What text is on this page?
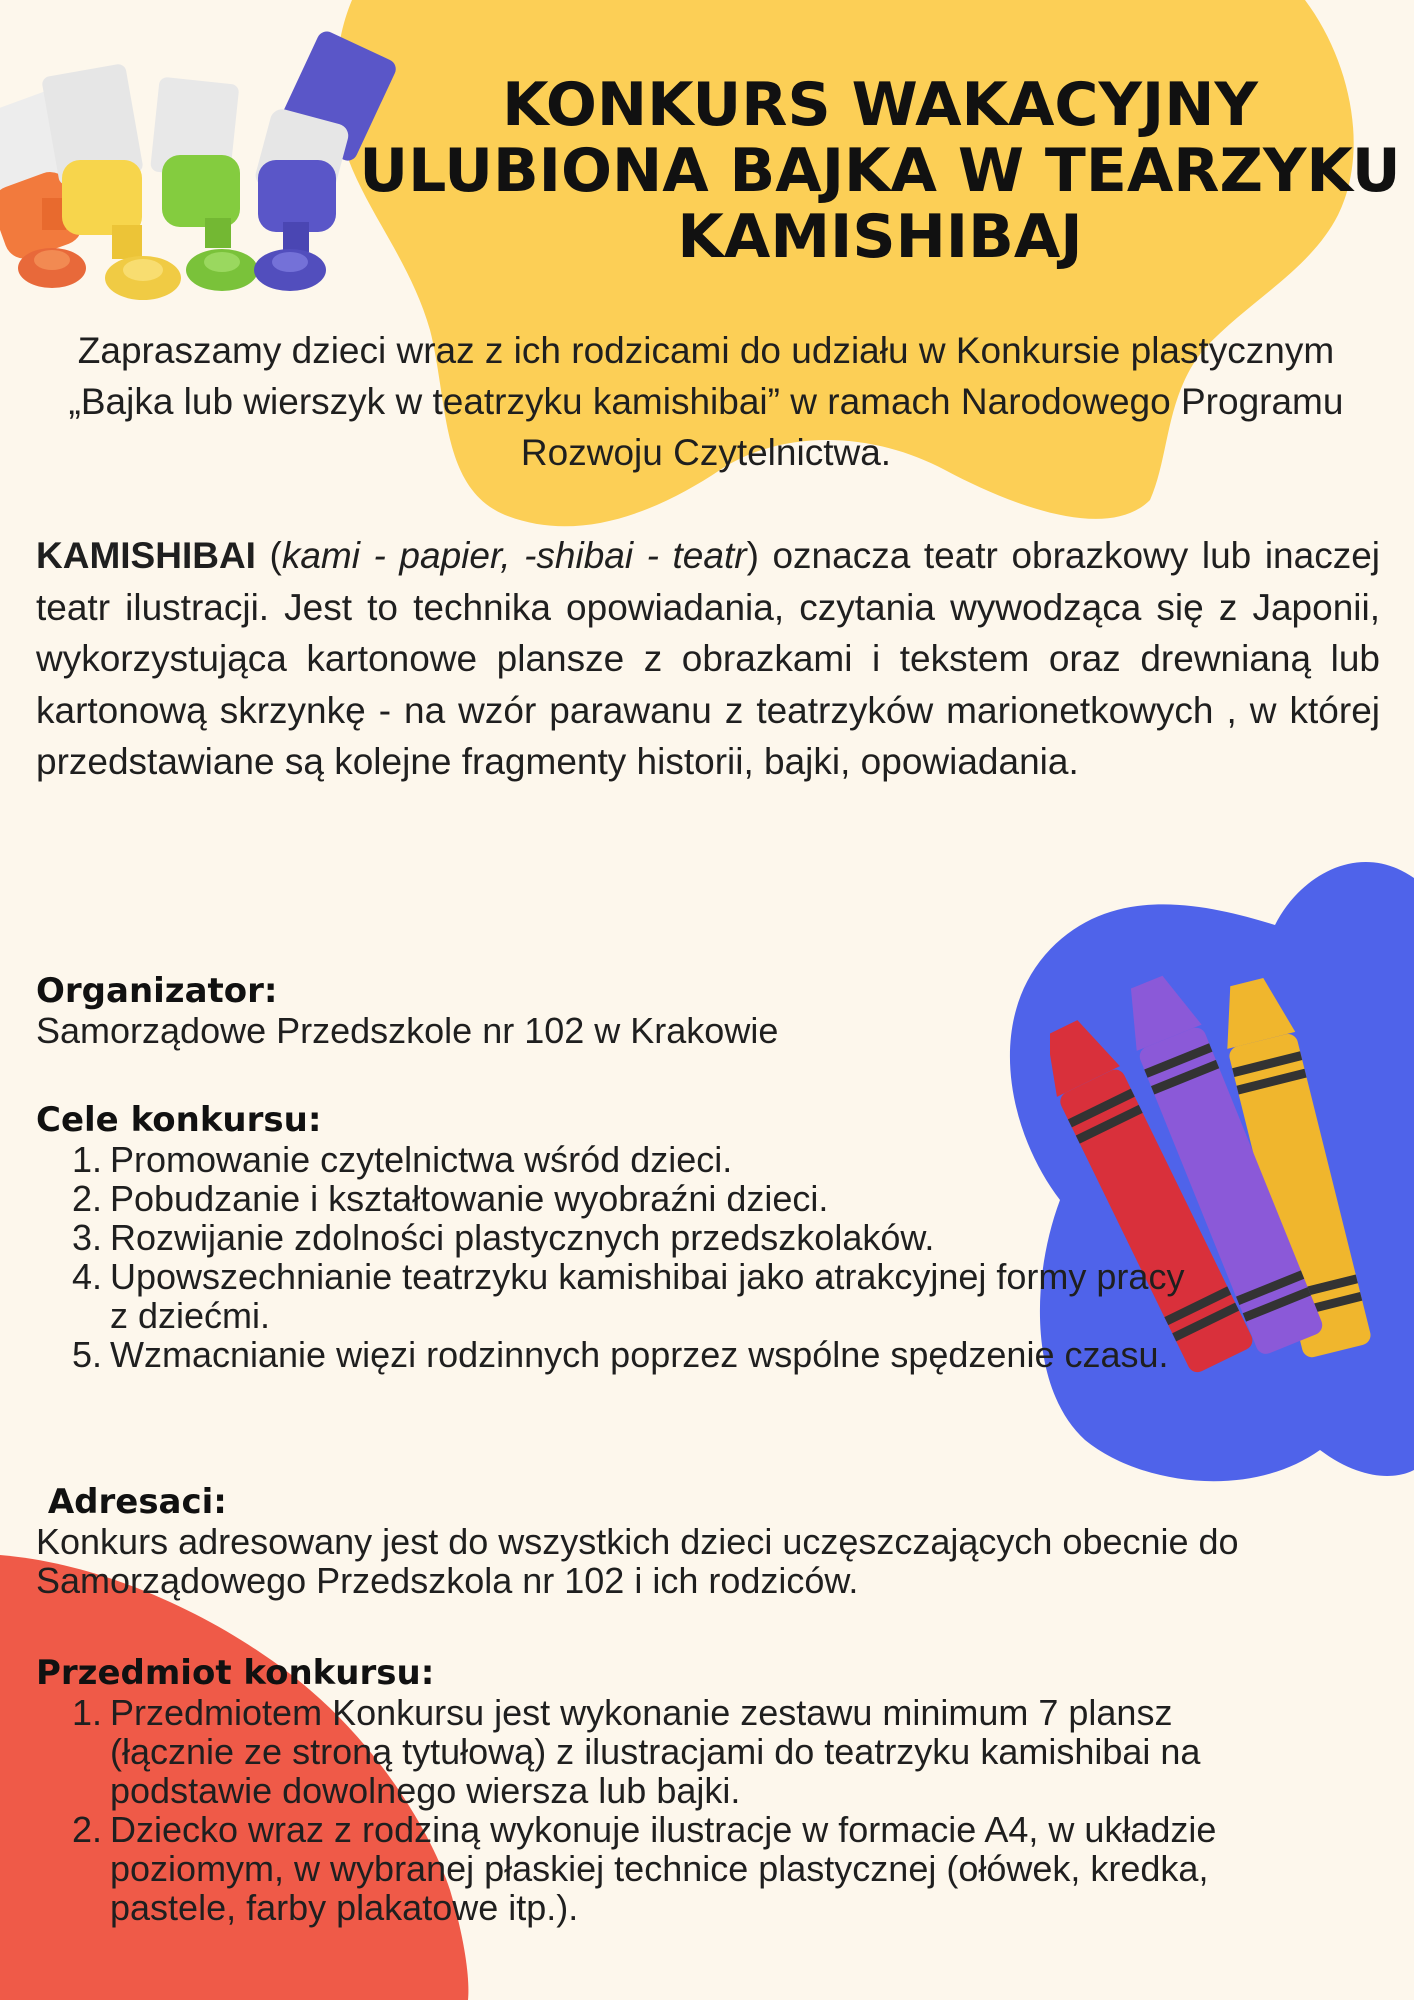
KONKURS WAKACYJNY
ULUBIONA BAJKA W TEARZYKU
KAMISHIBAJ

Zapraszamy dzieci wraz z ich rodzicami do udziału w Konkursie plastycznym „Bajka lub wierszyk w teatrzyku kamishibai” w ramach Narodowego Programu Rozwoju Czytelnictwa.

KAMISHIBAI (kami - papier, -shibai - teatr) oznacza teatr obrazkowy lub inaczej teatr ilustracji. Jest to technika opowiadania, czytania wywodząca się z Japonii, wykorzystująca kartonowe plansze z obrazkami i tekstem oraz drewnianą lub kartonową skrzynkę - na wzór parawanu z teatrzyków marionetkowych , w której przedstawiane są kolejne fragmenty historii, bajki, opowiadania.

Organizator:

Samorządowe Przedszkole nr 102 w Krakowie

Cele konkursu:
1. Promowanie czytelnictwa wśród dzieci.
2. Pobudzanie i kształtowanie wyobraźni dzieci.
3. Rozwijanie zdolności plastycznych przedszkolaków.
4. Upowszechnianie teatrzyku kamishibai jako atrakcyjnej formy pracy z dziećmi.
5. Wzmacnianie więzi rodzinnych poprzez wspólne spędzenie czasu.
Adresaci:

Konkurs adresowany jest do wszystkich dzieci uczęszczających obecnie do Samorządowego Przedszkola nr 102 i ich rodziców.

Przedmiot konkursu:
1. Przedmiotem Konkursu jest wykonanie zestawu minimum 7 plansz (łącznie ze stroną tytułową) z ilustracjami do teatrzyku kamishibai na podstawie dowolnego wiersza lub bajki.
2. Dziecko wraz z rodziną wykonuje ilustracje w formacie A4, w układzie poziomym, w wybranej płaskiej technice plastycznej (ołówek, kredka, pastele, farby plakatowe itp.).
